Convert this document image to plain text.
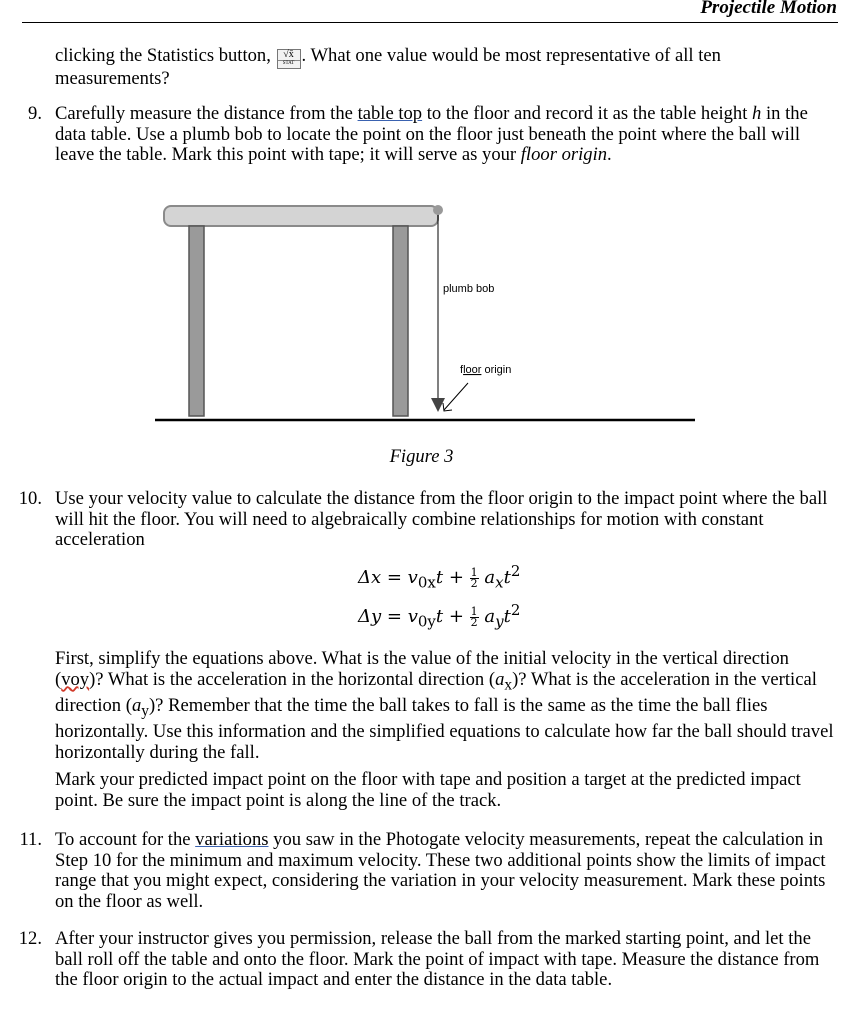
Projectile Motion

clicking the Statistics button, √x̄
STAT . What one value would be most representative of all ten measurements?

9. Carefully measure the distance from the table top to the floor and record it as the table height h in the data table. Use a plumb bob to locate the point on the floor just beneath the point where the ball will leave the table. Mark this point with tape; it will serve as your floor origin.

plumb bob
floor origin
Figure 3
10. Use your velocity value to calculate the distance from the floor origin to the impact point where the ball will hit the floor. You will need to algebraically combine relationships for motion with constant acceleration

$\Delta x = v_{0x}t + \frac{1}{2} a_xt^2$
$\Delta y = v_{0y}t + \frac{1}{2} a_yt^2$

First, simplify the equations above. What is the value of the initial velocity in the vertical direction (voy)? What is the acceleration in the horizontal direction $(a_x)$? What is the acceleration in the vertical direction $(a_y)$? Remember that the time the ball takes to fall is the same as the time the ball flies horizontally. Use this information and the simplified equations to calculate how far the ball should travel horizontally during the fall.

Mark your predicted impact point on the floor with tape and position a target at the predicted impact point. Be sure the impact point is along the line of the track.

11. To account for the variations you saw in the Photogate velocity measurements, repeat the calculation in Step 10 for the minimum and maximum velocity. These two additional points show the limits of impact range that you might expect, considering the variation in your velocity measurement. Mark these points on the floor as well.

12. After your instructor gives you permission, release the ball from the marked starting point, and let the ball roll off the table and onto the floor. Mark the point of impact with tape. Measure the distance from the floor origin to the actual impact and enter the distance in the data table.
